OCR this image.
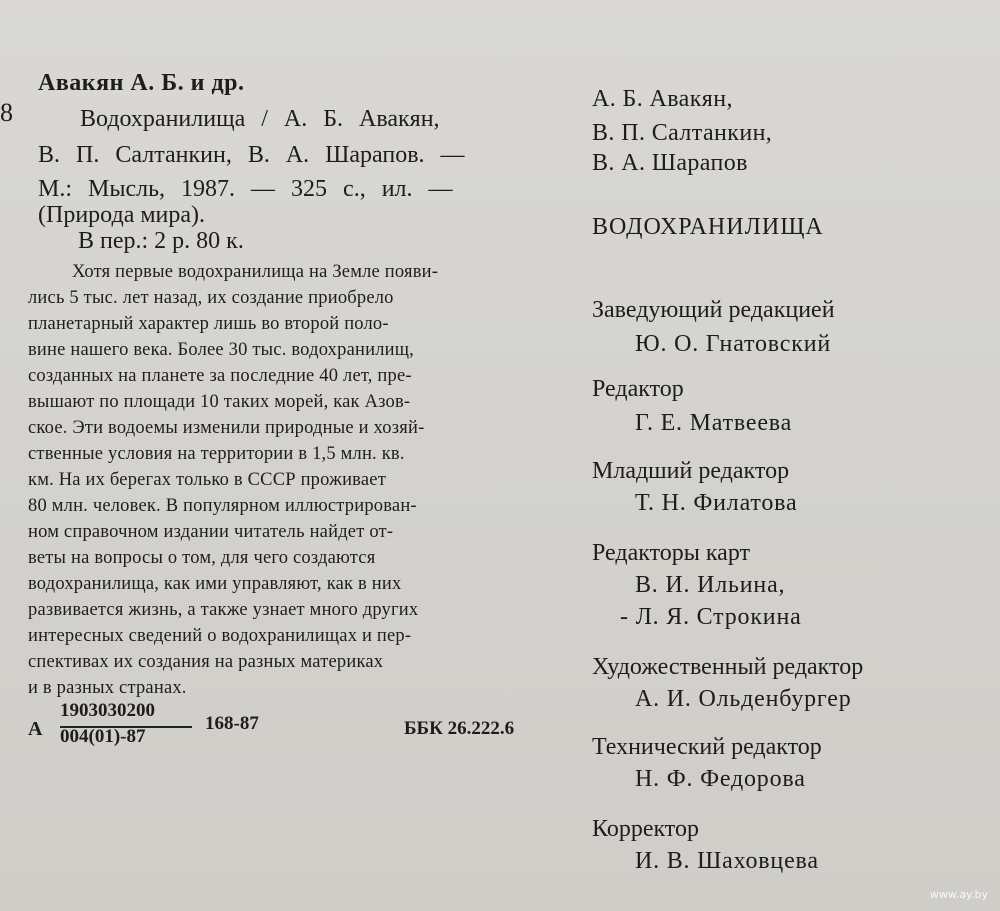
8
Авакян А. Б. и др.
Водохранилища / А. Б. Авакян,
В. П. Салтанкин, В. А. Шарапов. —
М.: Мысль, 1987. — 325 с., ил. —
(Природа мира).
В пер.: 2 р. 80 к.
Хотя первые водохранилища на Земле появи-
лись 5 тыс. лет назад, их создание приобрело
планетарный характер лишь во второй поло-
вине нашего века. Более 30 тыс. водохранилищ,
созданных на планете за последние 40 лет, пре-
вышают по площади 10 таких морей, как Азов-
ское. Эти водоемы изменили природные и хозяй-
ственные условия на территории в 1,5 млн. кв.
км. На их берегах только в СССР проживает
80 млн. человек. В популярном иллюстрирован-
ном справочном издании читатель найдет от-
веты на вопросы о том, для чего создаются
водохранилища, как ими управляют, как в них
развивается жизнь, а также узнает много других
интересных сведений о водохранилищах и пер-
спективах их создания на разных материках
А
1903030200
004(01)-87
168-87	ББК 26.222.6
А. Б. Авакян,
В. П. Салтанкин,
В. А. Шарапов
ВОДОХРАНИЛИЩА
Заведующий редакцией
Ю. О. Гнатовский
Редактор
Г. Е. Матвеева
Младший редактор
Т. Н. Филатова
Редакторы карт
В. И. Ильина,
- Л. Я. Строкина
Художественный редактор
А. И. Ольденбургер
Технический редактор
Н. Ф. Федорова
Корректор
И. В. Шаховцева
и в разных странах.
www.ay.by
